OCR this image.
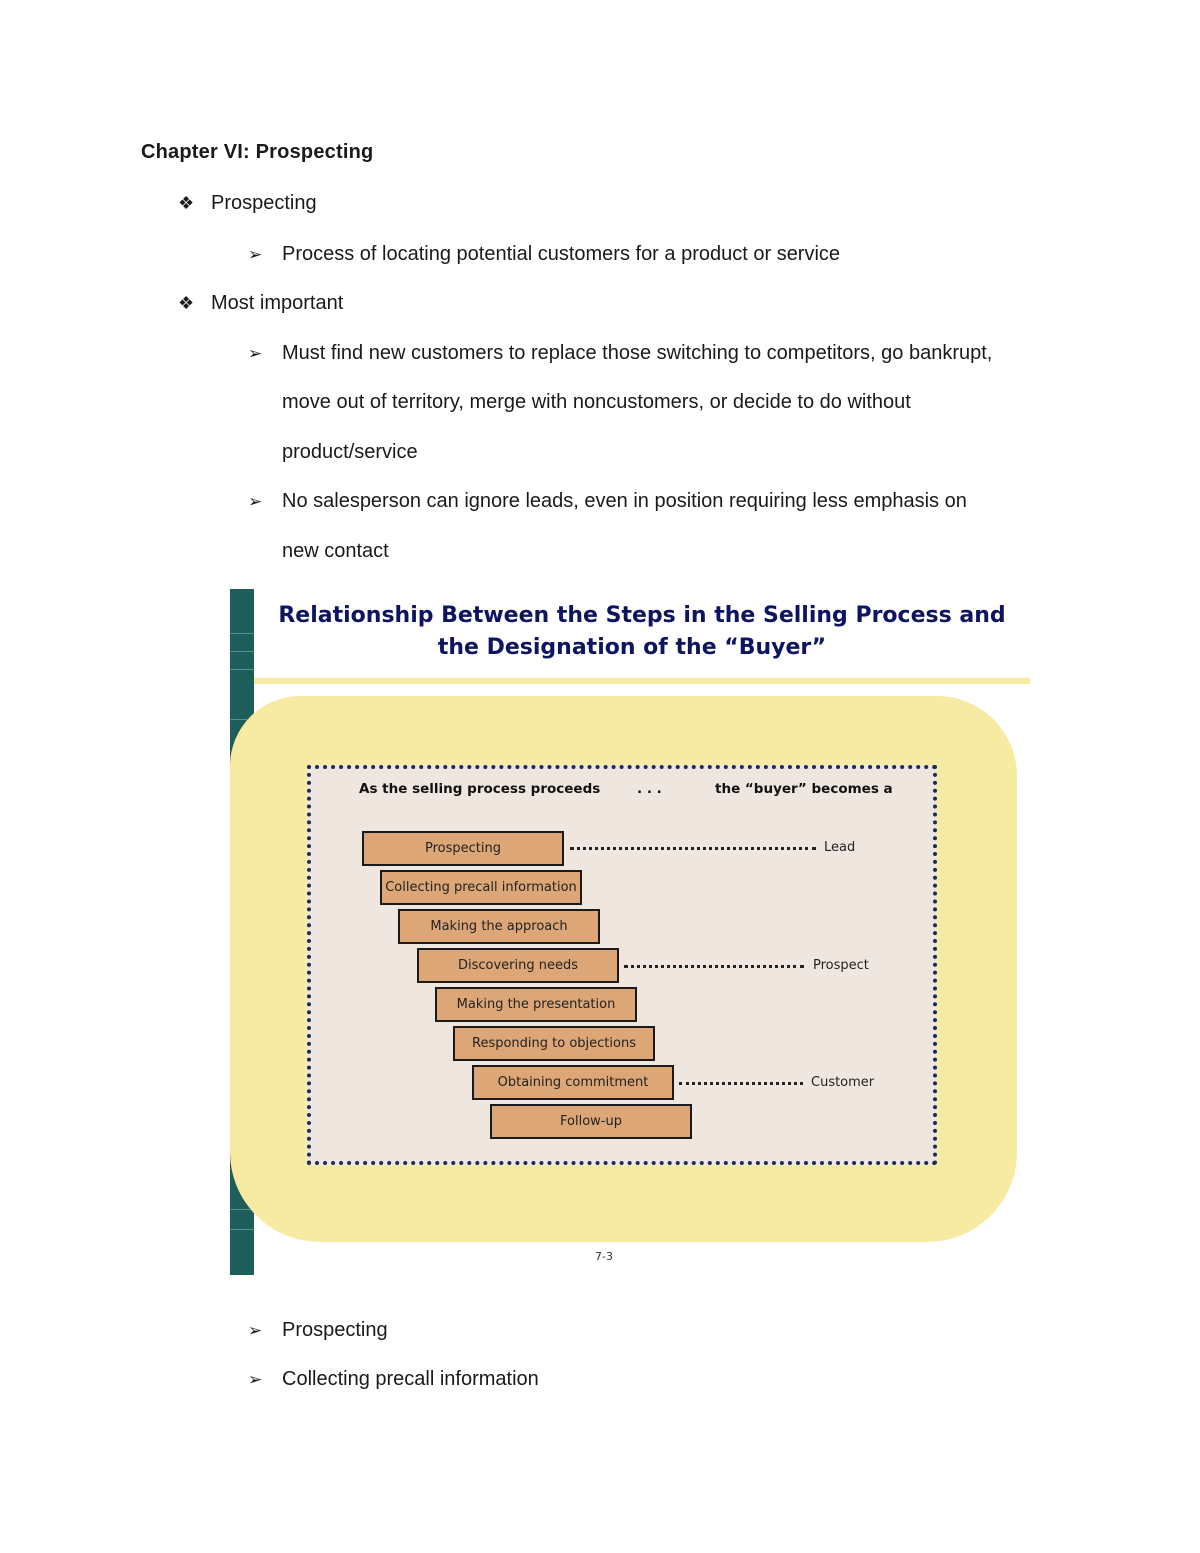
Chapter VI: Prospecting
❖ Prospecting
➢ Process of locating potential customers for a product or service
❖ Most important
➢ Must find new customers to replace those switching to competitors, go bankrupt,
move out of territory, merge with noncustomers, or decide to do without
product/service
➢ No salesperson can ignore leads, even in position requiring less emphasis on
new contact
Relationship Between the Steps in the Selling Process and
the Designation of the “Buyer”
As the selling process proceeds	. . .	the “buyer” becomes a
Prospecting
Collecting precall information
Making the approach
Discovering needs
Making the presentation
Responding to objections
Obtaining commitment
Follow-up
Lead
Prospect
Customer
7-3
➢ Prospecting
➢ Collecting precall information
